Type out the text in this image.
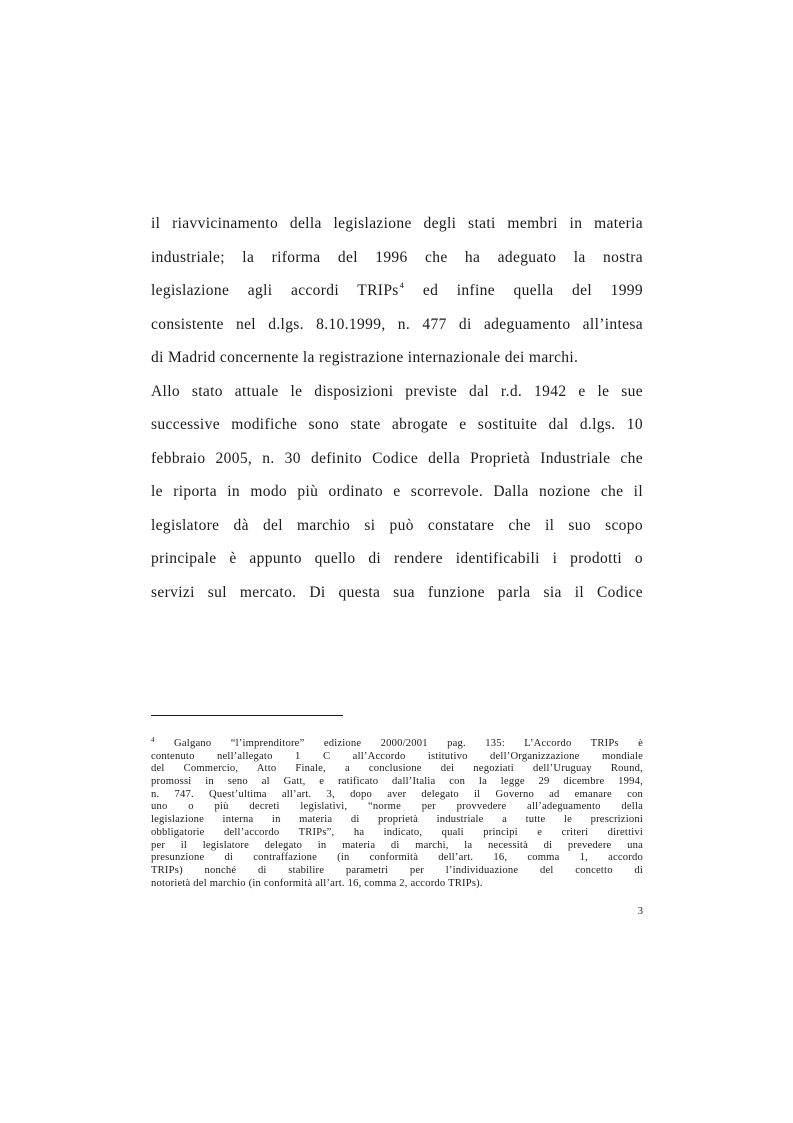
il riavvicinamento della legislazione degli stati membri in materia
industriale; la riforma del 1996 che ha adeguato la nostra
legislazione agli accordi TRIPs$^4$ ed infine quella del 1999
consistente nel d.lgs. 8.10.1999, n. 477 di adeguamento all’intesa
di Madrid concernente la registrazione internazionale dei marchi.
Allo stato attuale le disposizioni previste dal r.d. 1942 e le sue
successive modifiche sono state abrogate e sostituite dal d.lgs. 10
febbraio 2005, n. 30 definito Codice della Proprietà Industriale che
le riporta in modo più ordinato e scorrevole. Dalla nozione che il
legislatore dà del marchio si può constatare che il suo scopo
principale è appunto quello di rendere identificabili i prodotti o
servizi sul mercato. Di questa sua funzione parla sia il Codice
$^4$ Galgano “l’imprenditore” edizione 2000/2001 pag. 135: L’Accordo TRIPs è
contenuto nell’allegato 1 C all’Accordo istitutivo dell’Organizzazione mondiale
del Commercio, Atto Finale, a conclusione dei negoziati dell’Uruguay Round,
promossi in seno al Gatt, e ratificato dall’Italia con la legge 29 dicembre 1994,
n. 747. Quest’ultima all’art. 3, dopo aver delegato il Governo ad emanare con
uno o più decreti legislativi, “norme per provvedere all’adeguamento della
legislazione interna in materia di proprietà industriale a tutte le prescrizioni
obbligatorie dell’accordo TRIPs”, ha indicato, quali principi e criteri direttivi
per il legislatore delegato in materia di marchi, la necessità di prevedere una
presunzione di contraffazione (in conformità dell’art. 16, comma 1, accordo
TRIPs) nonché di stabilire parametri per l’individuazione del concetto di
notorietà del marchio (in conformità all’art. 16, comma 2, accordo TRIPs).
3
